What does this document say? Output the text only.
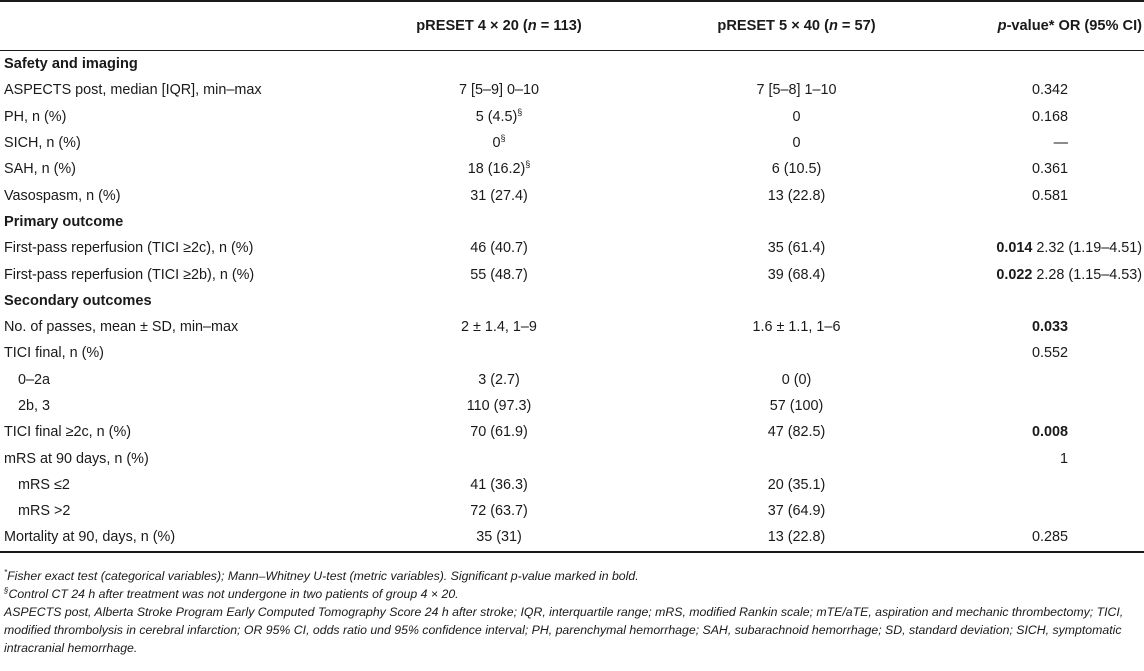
	pRESET 4 × 20 (n = 113)	pRESET 5 × 40 (n = 57)	p-value* OR (95% CI)
Safety and imaging			
ASPECTS post, median [IQR], min–max	7 [5–9] 0–10	7 [5–8] 1–10	0.342
PH, n (%)	5 (4.5)§	0	0.168
SICH, n (%)	0§	0	—
SAH, n (%)	18 (16.2)§	6 (10.5)	0.361
Vasospasm, n (%)	31 (27.4)	13 (22.8)	0.581
Primary outcome			
First-pass reperfusion (TICI ≥2c), n (%)	46 (40.7)	35 (61.4)	0.014 2.32 (1.19–4.51)
First-pass reperfusion (TICI ≥2b), n (%)	55 (48.7)	39 (68.4)	0.022 2.28 (1.15–4.53)
Secondary outcomes			
No. of passes, mean ± SD, min–max	2 ± 1.4, 1–9	1.6 ± 1.1, 1–6	0.033
TICI final, n (%)			0.552
0–2a	3 (2.7)	0 (0)	
2b, 3	110 (97.3)	57 (100)	
TICI final ≥2c, n (%)	70 (61.9)	47 (82.5)	0.008
mRS at 90 days, n (%)			1
mRS ≤2	41 (36.3)	20 (35.1)	
mRS >2	72 (63.7)	37 (64.9)	
Mortality at 90, days, n (%)	35 (31)	13 (22.8)	0.285

*Fisher exact test (categorical variables); Mann–Whitney U-test (metric variables). Significant p-value marked in bold.

§Control CT 24 h after treatment was not undergone in two patients of group 4 × 20.

ASPECTS post, Alberta Stroke Program Early Computed Tomography Score 24 h after stroke; IQR, interquartile range; mRS, modified Rankin scale; mTE/aTE, aspiration and mechanic thrombectomy; TICI, modified thrombolysis in cerebral infarction; OR 95% CI, odds ratio und 95% confidence interval; PH, parenchymal hemorrhage; SAH, subarachnoid hemorrhage; SD, standard deviation; SICH, symptomatic intracranial hemorrhage.
